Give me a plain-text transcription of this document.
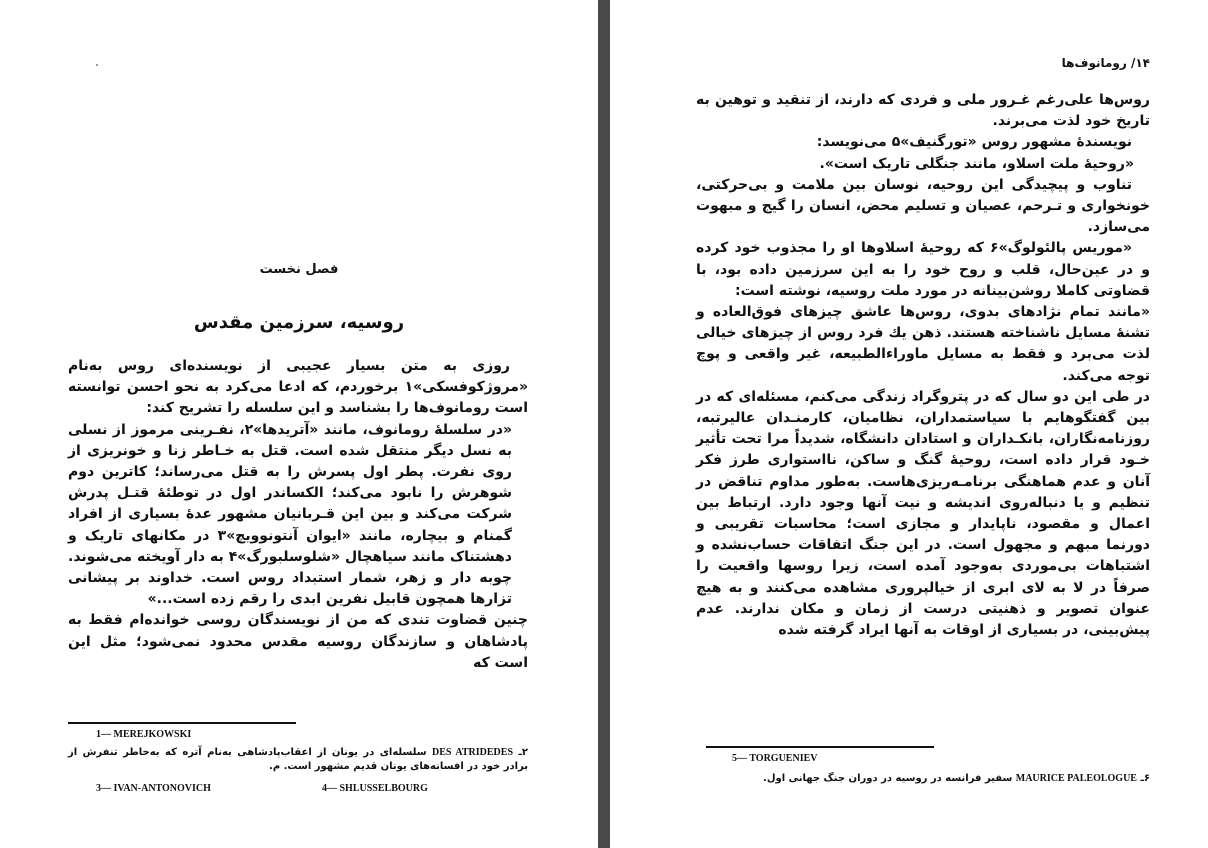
فصل نخست
روسیه، سرزمین مقدس

روزی به متن بسیار عجیبی از نویسنده‌ای روس به‌نام «مروژکوفسکی»۱ برخوردم، که ادعا می‌کرد به نحو احسن توانسته است رومانوف‌ها را بشناسد و این سلسله را تشریح کند:

«در سلسلهٔ رومانوف، مانند «آتریدها»۲، نفـرینی مرموز از نسلی به نسل دیگر منتقل شده است. قتل به خـاطر زنا و خونریزی از روی نفرت. پطر اول پسرش را به قتل می‌رساند؛ کاترین دوم شوهرش را نابود می‌کند؛ الکساندر اول در توطئهٔ قتـل پدرش شرکت می‌کند و بین این قـربانیان مشهور عدهٔ بسیاری از افراد گمنام و بیچاره، مانند «ایوان آنتونوویچ»۳ در مکانهای تاریک و دهشتناک مانند سیاهچال «شلوسلبورگ»۴ به دار آویخته می‌شوند. چوبه دار و زهر، شمار استبداد روس است. خداوند بر پیشانی تزارها همچون قابیل نفرین ابدی را رقم زده است...»

چنین قضاوت تندی که من از نویسندگان روسی خوانده‌ام فقط به پادشاهان و سازندگان روسیه مقدس محدود نمی‌شود؛ مثل این است که

1— MEREJKOWSKI
۲ـ DES ATRIDEDES سلسله‌ای در یونان از اعقاب‌پادشاهی به‌نام آتره که به‌خاطر تنفرش از برادر خود در افسانه‌های یونان قدیم مشهور است. م.
3— IVAN-ANTONOVICH	4— SHLUSSELBOURG
۱۴/ رومانوف‌ها

روس‌ها علی‌رغم غـرور ملی و فردی که دارند، از تنقید و توهین به تاریخ خود لذت می‌برند.

نویسندهٔ مشهور روس «تورگنیف»۵ می‌نویسد:

«روحیهٔ ملت اسلاو، مانند جنگلی تاریک است».

تناوب و پیچیدگی این روحیه، نوسان بین ملامت و بی‌حرکتی، خونخواری و تـرحم، عصیان و تسلیم محض، انسان را گیج و مبهوت می‌سازد.

«موریس پالئولوگ»۶ که روحیهٔ اسلاوها او را مجذوب خود کرده و در عین‌حال، قلب و روح خود را به این سرزمین داده بود، با قضاوتی کاملا روشن‌بینانه در مورد ملت روسیه، نوشته است:

«مانند تمام نژادهای بدوی، روس‌ها عاشق چیزهای فوق‌العاده و تشنهٔ مسایل ناشناخته هستند. ذهن یك فرد روس از چیزهای خیالی لذت می‌برد و فقط به مسایل ماوراءالطبیعه، غیر واقعی و پوچ توجه می‌کند.

در طی این دو سال که در پتروگراد زندگی می‌کنم، مسئله‌ای که در بین گفتگوهایم با سیاستمداران، نظامیان، کارمنـدان عالیرتبه، روزنامه‌نگاران، بانکـداران و استادان دانشگاه، شدیداً مرا تحت تأثیر خـود قرار داده است، روحیهٔ گنگ و ساکن، نااستواری طرز فکر آنان و عدم هماهنگی برنامـه‌ریزی‌هاست. به‌طور مداوم تناقض در تنظیم و یا دنباله‌روی اندیشه و نیت آنها وجود دارد. ارتباط بین اعمال و مقصود، ناپایدار و مجازی است؛ محاسبات تقریبی و دورنما مبهم و مجهول است. در این جنگ اتفاقات حساب‌نشده و اشتباهات بی‌موردی به‌وجود آمده است، زیرا روسها واقعیت را صرفاً در لا به لای ابری از خیالپروری مشاهده می‌کنند و به هیچ عنوان تصویر و ذهنیتی درست از زمان و مکان ندارند. عدم پیش‌بینی، در بسیاری از اوقات به آنها ایراد گرفته شده

5— TORGUENIEV
۶ـ MAURICE PALEOLOGUE سفیر فرانسه در روسیه در دوران جنگ جهانی اول.
